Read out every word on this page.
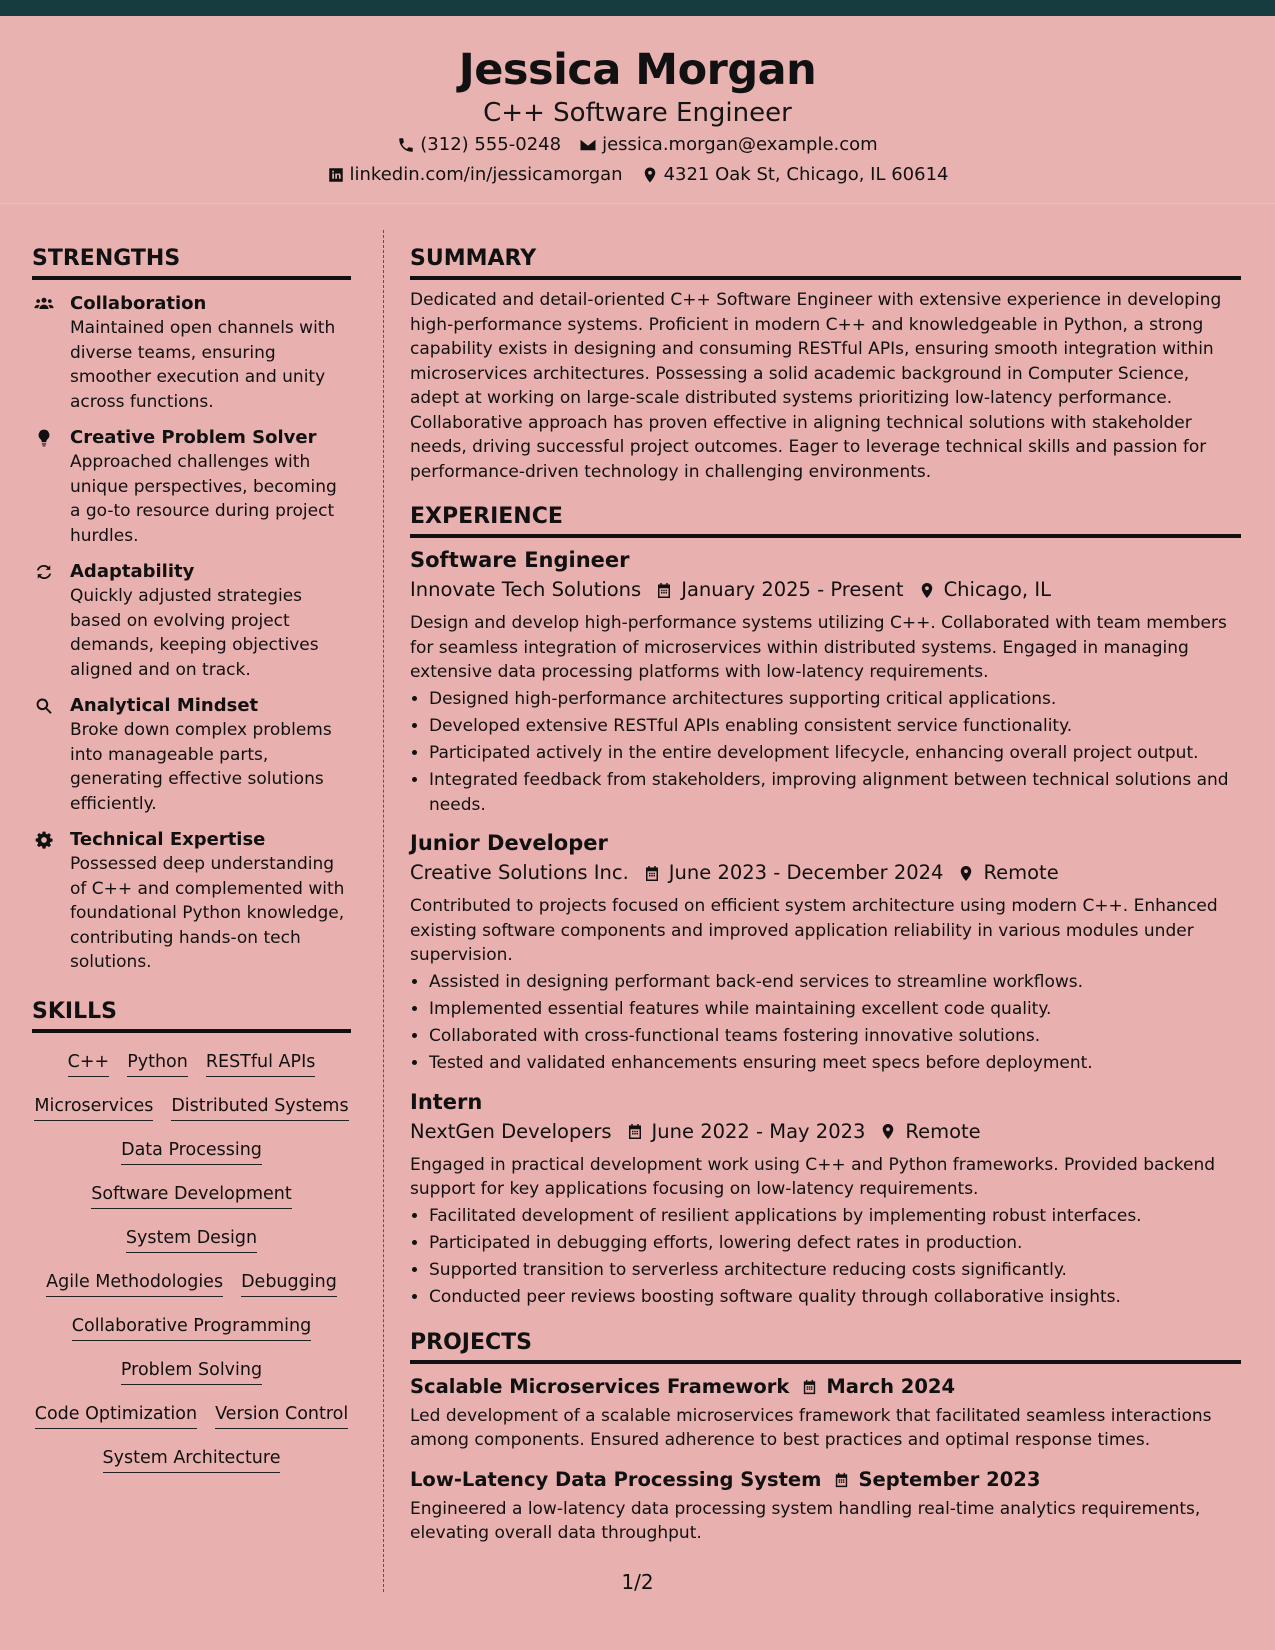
Jessica Morgan
C++ Software Engineer
(312) 555-0248 jessica.morgan@example.com
linkedin.com/in/jessicamorgan 4321 Oak St, Chicago, IL 60614
STRENGTHS
Collaboration
Maintained open channels with diverse teams, ensuring smoother execution and unity across functions.
Creative Problem Solver
Approached challenges with unique perspectives, becoming a go-to resource during project hurdles.
Adaptability
Quickly adjusted strategies based on evolving project demands, keeping objectives aligned and on track.
Analytical Mindset
Broke down complex problems into manageable parts, generating effective solutions efficiently.
Technical Expertise
Possessed deep understanding of C++ and complemented with foundational Python knowledge, contributing hands-on tech solutions.
SKILLS
C++ Python RESTful APIs
Microservices Distributed Systems
Data Processing
Software Development
System Design
Agile Methodologies Debugging
Collaborative Programming
Problem Solving
Code Optimization Version Control
System Architecture
SUMMARY

Dedicated and detail-oriented C++ Software Engineer with extensive experience in developing high-performance systems. Proficient in modern C++ and knowledgeable in Python, a strong capability exists in designing and consuming RESTful APIs, ensuring smooth integration within microservices architectures. Possessing a solid academic background in Computer Science, adept at working on large-scale distributed systems prioritizing low-latency performance. Collaborative approach has proven effective in aligning technical solutions with stakeholder needs, driving successful project outcomes. Eager to leverage technical skills and passion for performance-driven technology in challenging environments.

EXPERIENCE
Software Engineer
Innovate Tech Solutions January 2025 - Present Chicago, IL

Design and develop high-performance systems utilizing C++. Collaborated with team members for seamless integration of microservices within distributed systems. Engaged in managing extensive data processing platforms with low-latency requirements.

• Designed high-performance architectures supporting critical applications.
• Developed extensive RESTful APIs enabling consistent service functionality.
• Participated actively in the entire development lifecycle, enhancing overall project output.
• Integrated feedback from stakeholders, improving alignment between technical solutions and needs.
Junior Developer
Creative Solutions Inc. June 2023 - December 2024 Remote

Contributed to projects focused on efficient system architecture using modern C++. Enhanced existing software components and improved application reliability in various modules under supervision.

• Assisted in designing performant back-end services to streamline workflows.
• Implemented essential features while maintaining excellent code quality.
• Collaborated with cross-functional teams fostering innovative solutions.
• Tested and validated enhancements ensuring meet specs before deployment.
Intern
NextGen Developers June 2022 - May 2023 Remote

Engaged in practical development work using C++ and Python frameworks. Provided backend support for key applications focusing on low-latency requirements.

• Facilitated development of resilient applications by implementing robust interfaces.
• Participated in debugging efforts, lowering defect rates in production.
• Supported transition to serverless architecture reducing costs significantly.
• Conducted peer reviews boosting software quality through collaborative insights.
PROJECTS
Scalable Microservices Framework March 2024

Led development of a scalable microservices framework that facilitated seamless interactions among components. Ensured adherence to best practices and optimal response times.

Low-Latency Data Processing System September 2023

Engineered a low-latency data processing system handling real-time analytics requirements, elevating overall data throughput.

1/2
